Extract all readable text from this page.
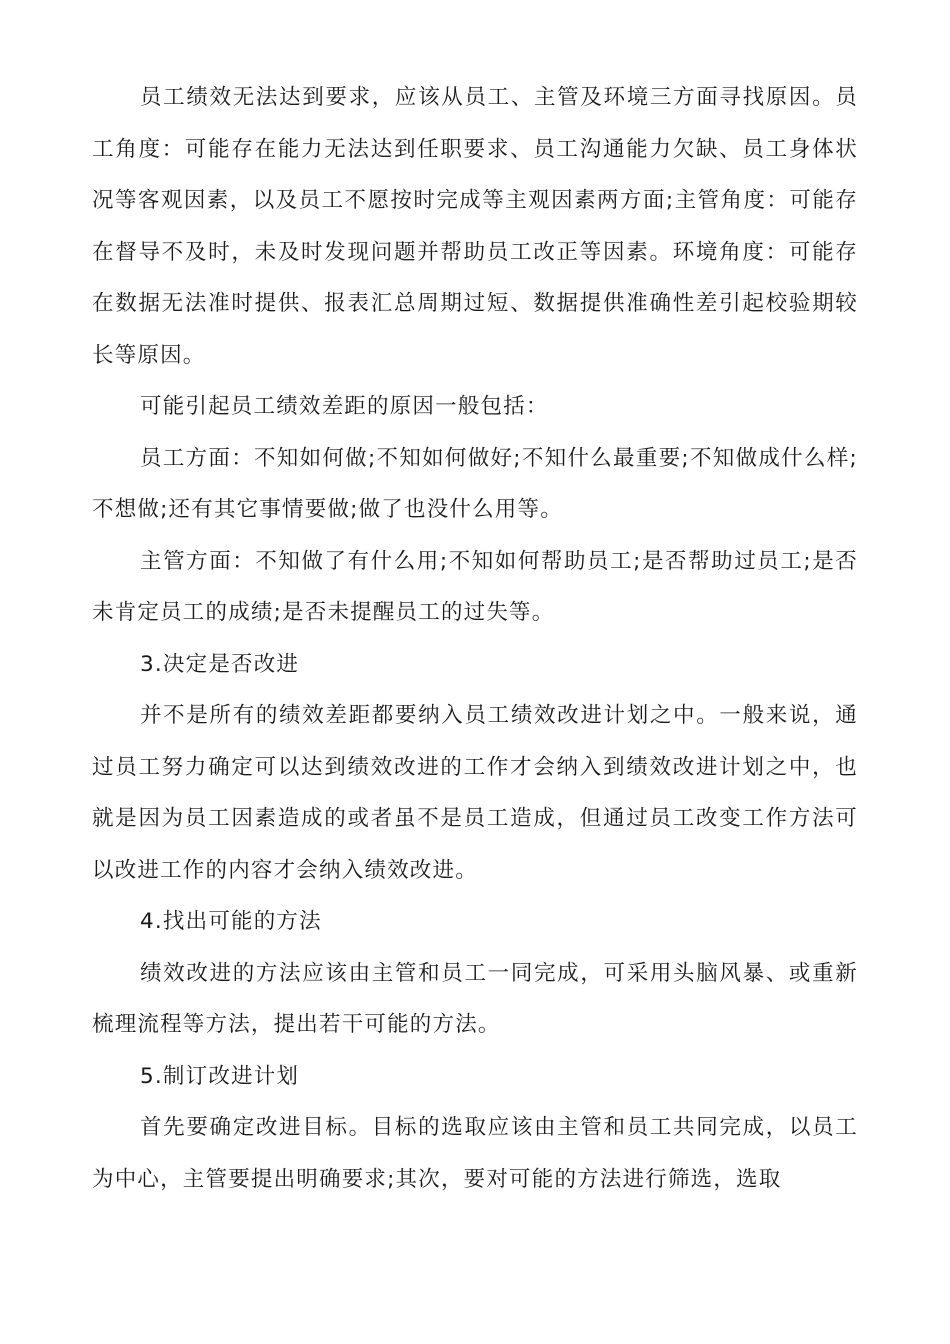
员工绩效无法达到要求，应该从员工、主管及环境三方面寻找原因。员工角度：可能存在能力无法达到任职要求、员工沟通能力欠缺、员工身体状况等客观因素，以及员工不愿按时完成等主观因素两方面;主管角度：可能存在督导不及时，未及时发现问题并帮助员工改正等因素。环境角度：可能存在数据无法准时提供、报表汇总周期过短、数据提供准确性差引起校验期较长等原因。

可能引起员工绩效差距的原因一般包括：

员工方面：不知如何做;不知如何做好;不知什么最重要;不知做成什么样;不想做;还有其它事情要做;做了也没什么用等。

主管方面：不知做了有什么用;不知如何帮助员工;是否帮助过员工;是否未肯定员工的成绩;是否未提醒员工的过失等。

3.决定是否改进

并不是所有的绩效差距都要纳入员工绩效改进计划之中。一般来说，通过员工努力确定可以达到绩效改进的工作才会纳入到绩效改进计划之中，也就是因为员工因素造成的或者虽不是员工造成，但通过员工改变工作方法可以改进工作的内容才会纳入绩效改进。

4.找出可能的方法

绩效改进的方法应该由主管和员工一同完成，可采用头脑风暴、或重新梳理流程等方法，提出若干可能的方法。

5.制订改进计划

首先要确定改进目标。目标的选取应该由主管和员工共同完成，以员工为中心，主管要提出明确要求;其次，要对可能的方法进行筛选，选取
